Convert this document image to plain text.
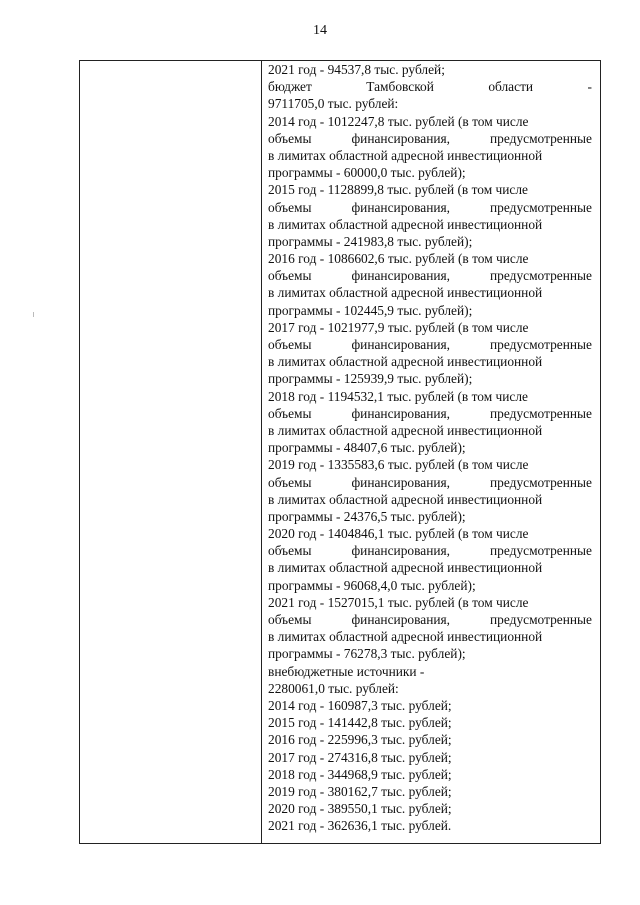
14
2021 год - 94537,8 тыс. рублей;
бюджет	Тамбовской	области	-
9711705,0 тыс. рублей:
2014 год - 1012247,8 тыс. рублей (в том числе
объемы	финансирования,	предусмотренные
в лимитах областной адресной инвестиционной
программы - 60000,0 тыс. рублей);
2015 год - 1128899,8 тыс. рублей (в том числе
объемы	финансирования,	предусмотренные
в лимитах областной адресной инвестиционной
программы - 241983,8 тыс. рублей);
2016 год - 1086602,6 тыс. рублей (в том числе
объемы	финансирования,	предусмотренные
в лимитах областной адресной инвестиционной
программы - 102445,9 тыс. рублей);
2017 год - 1021977,9 тыс. рублей (в том числе
объемы	финансирования,	предусмотренные
в лимитах областной адресной инвестиционной
программы - 125939,9 тыс. рублей);
2018 год - 1194532,1 тыс. рублей (в том числе
объемы	финансирования,	предусмотренные
в лимитах областной адресной инвестиционной
программы - 48407,6 тыс. рублей);
2019 год - 1335583,6 тыс. рублей (в том числе
объемы	финансирования,	предусмотренные
в лимитах областной адресной инвестиционной
программы - 24376,5 тыс. рублей);
2020 год - 1404846,1 тыс. рублей (в том числе
объемы	финансирования,	предусмотренные
в лимитах областной адресной инвестиционной
программы - 96068,4,0 тыс. рублей);
2021 год - 1527015,1 тыс. рублей (в том числе
объемы	финансирования,	предусмотренные
в лимитах областной адресной инвестиционной
программы - 76278,3 тыс. рублей);
внебюджетные источники -
2280061,0 тыс. рублей:
2014 год - 160987,3 тыс. рублей;
2015 год - 141442,8 тыс. рублей;
2016 год - 225996,3 тыс. рублей;
2017 год - 274316,8 тыс. рублей;
2018 год - 344968,9 тыс. рублей;
2019 год - 380162,7 тыс. рублей;
2020 год - 389550,1 тыс. рублей;
2021 год - 362636,1 тыс. рублей.
